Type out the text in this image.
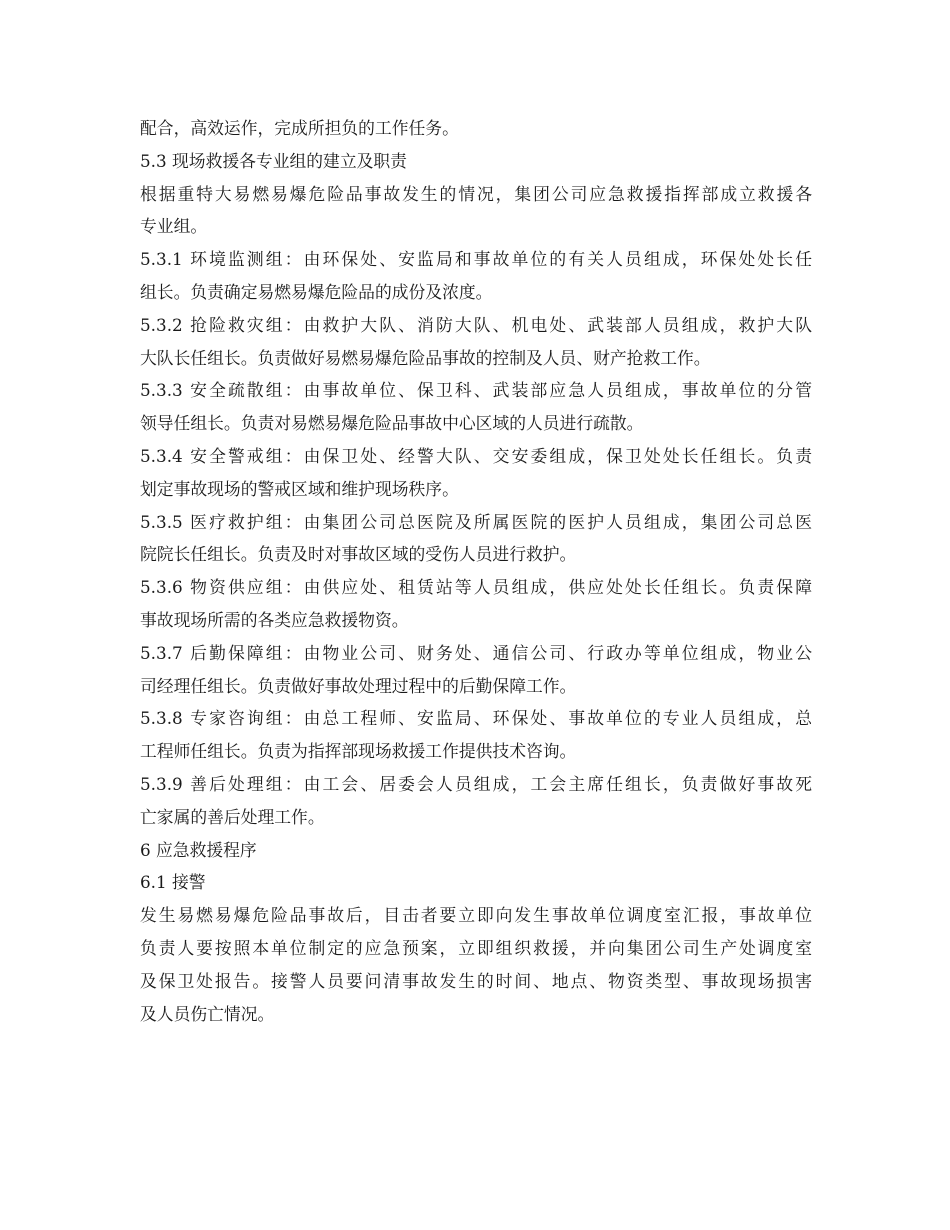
配合，高效运作，完成所担负的工作任务。
5.3 现场救援各专业组的建立及职责
根据重特大易燃易爆危险品事故发生的情况，集团公司应急救援指挥部成立救援各
专业组。
5.3.1 环境监测组：由环保处、安监局和事故单位的有关人员组成，环保处处长任
组长。负责确定易燃易爆危险品的成份及浓度。
5.3.2 抢险救灾组：由救护大队、消防大队、机电处、武装部人员组成，救护大队
大队长任组长。负责做好易燃易爆危险品事故的控制及人员、财产抢救工作。
5.3.3 安全疏散组：由事故单位、保卫科、武装部应急人员组成，事故单位的分管
领导任组长。负责对易燃易爆危险品事故中心区域的人员进行疏散。
5.3.4 安全警戒组：由保卫处、经警大队、交安委组成，保卫处处长任组长。负责
划定事故现场的警戒区域和维护现场秩序。
5.3.5 医疗救护组：由集团公司总医院及所属医院的医护人员组成，集团公司总医
院院长任组长。负责及时对事故区域的受伤人员进行救护。
5.3.6 物资供应组：由供应处、租赁站等人员组成，供应处处长任组长。负责保障
事故现场所需的各类应急救援物资。
5.3.7 后勤保障组：由物业公司、财务处、通信公司、行政办等单位组成，物业公
司经理任组长。负责做好事故处理过程中的后勤保障工作。
5.3.8 专家咨询组：由总工程师、安监局、环保处、事故单位的专业人员组成，总
工程师任组长。负责为指挥部现场救援工作提供技术咨询。
5.3.9 善后处理组：由工会、居委会人员组成，工会主席任组长，负责做好事故死
亡家属的善后处理工作。
6 应急救援程序
6.1 接警
发生易燃易爆危险品事故后，目击者要立即向发生事故单位调度室汇报，事故单位
负责人要按照本单位制定的应急预案，立即组织救援，并向集团公司生产处调度室
及保卫处报告。接警人员要问清事故发生的时间、地点、物资类型、事故现场损害
及人员伤亡情况。
